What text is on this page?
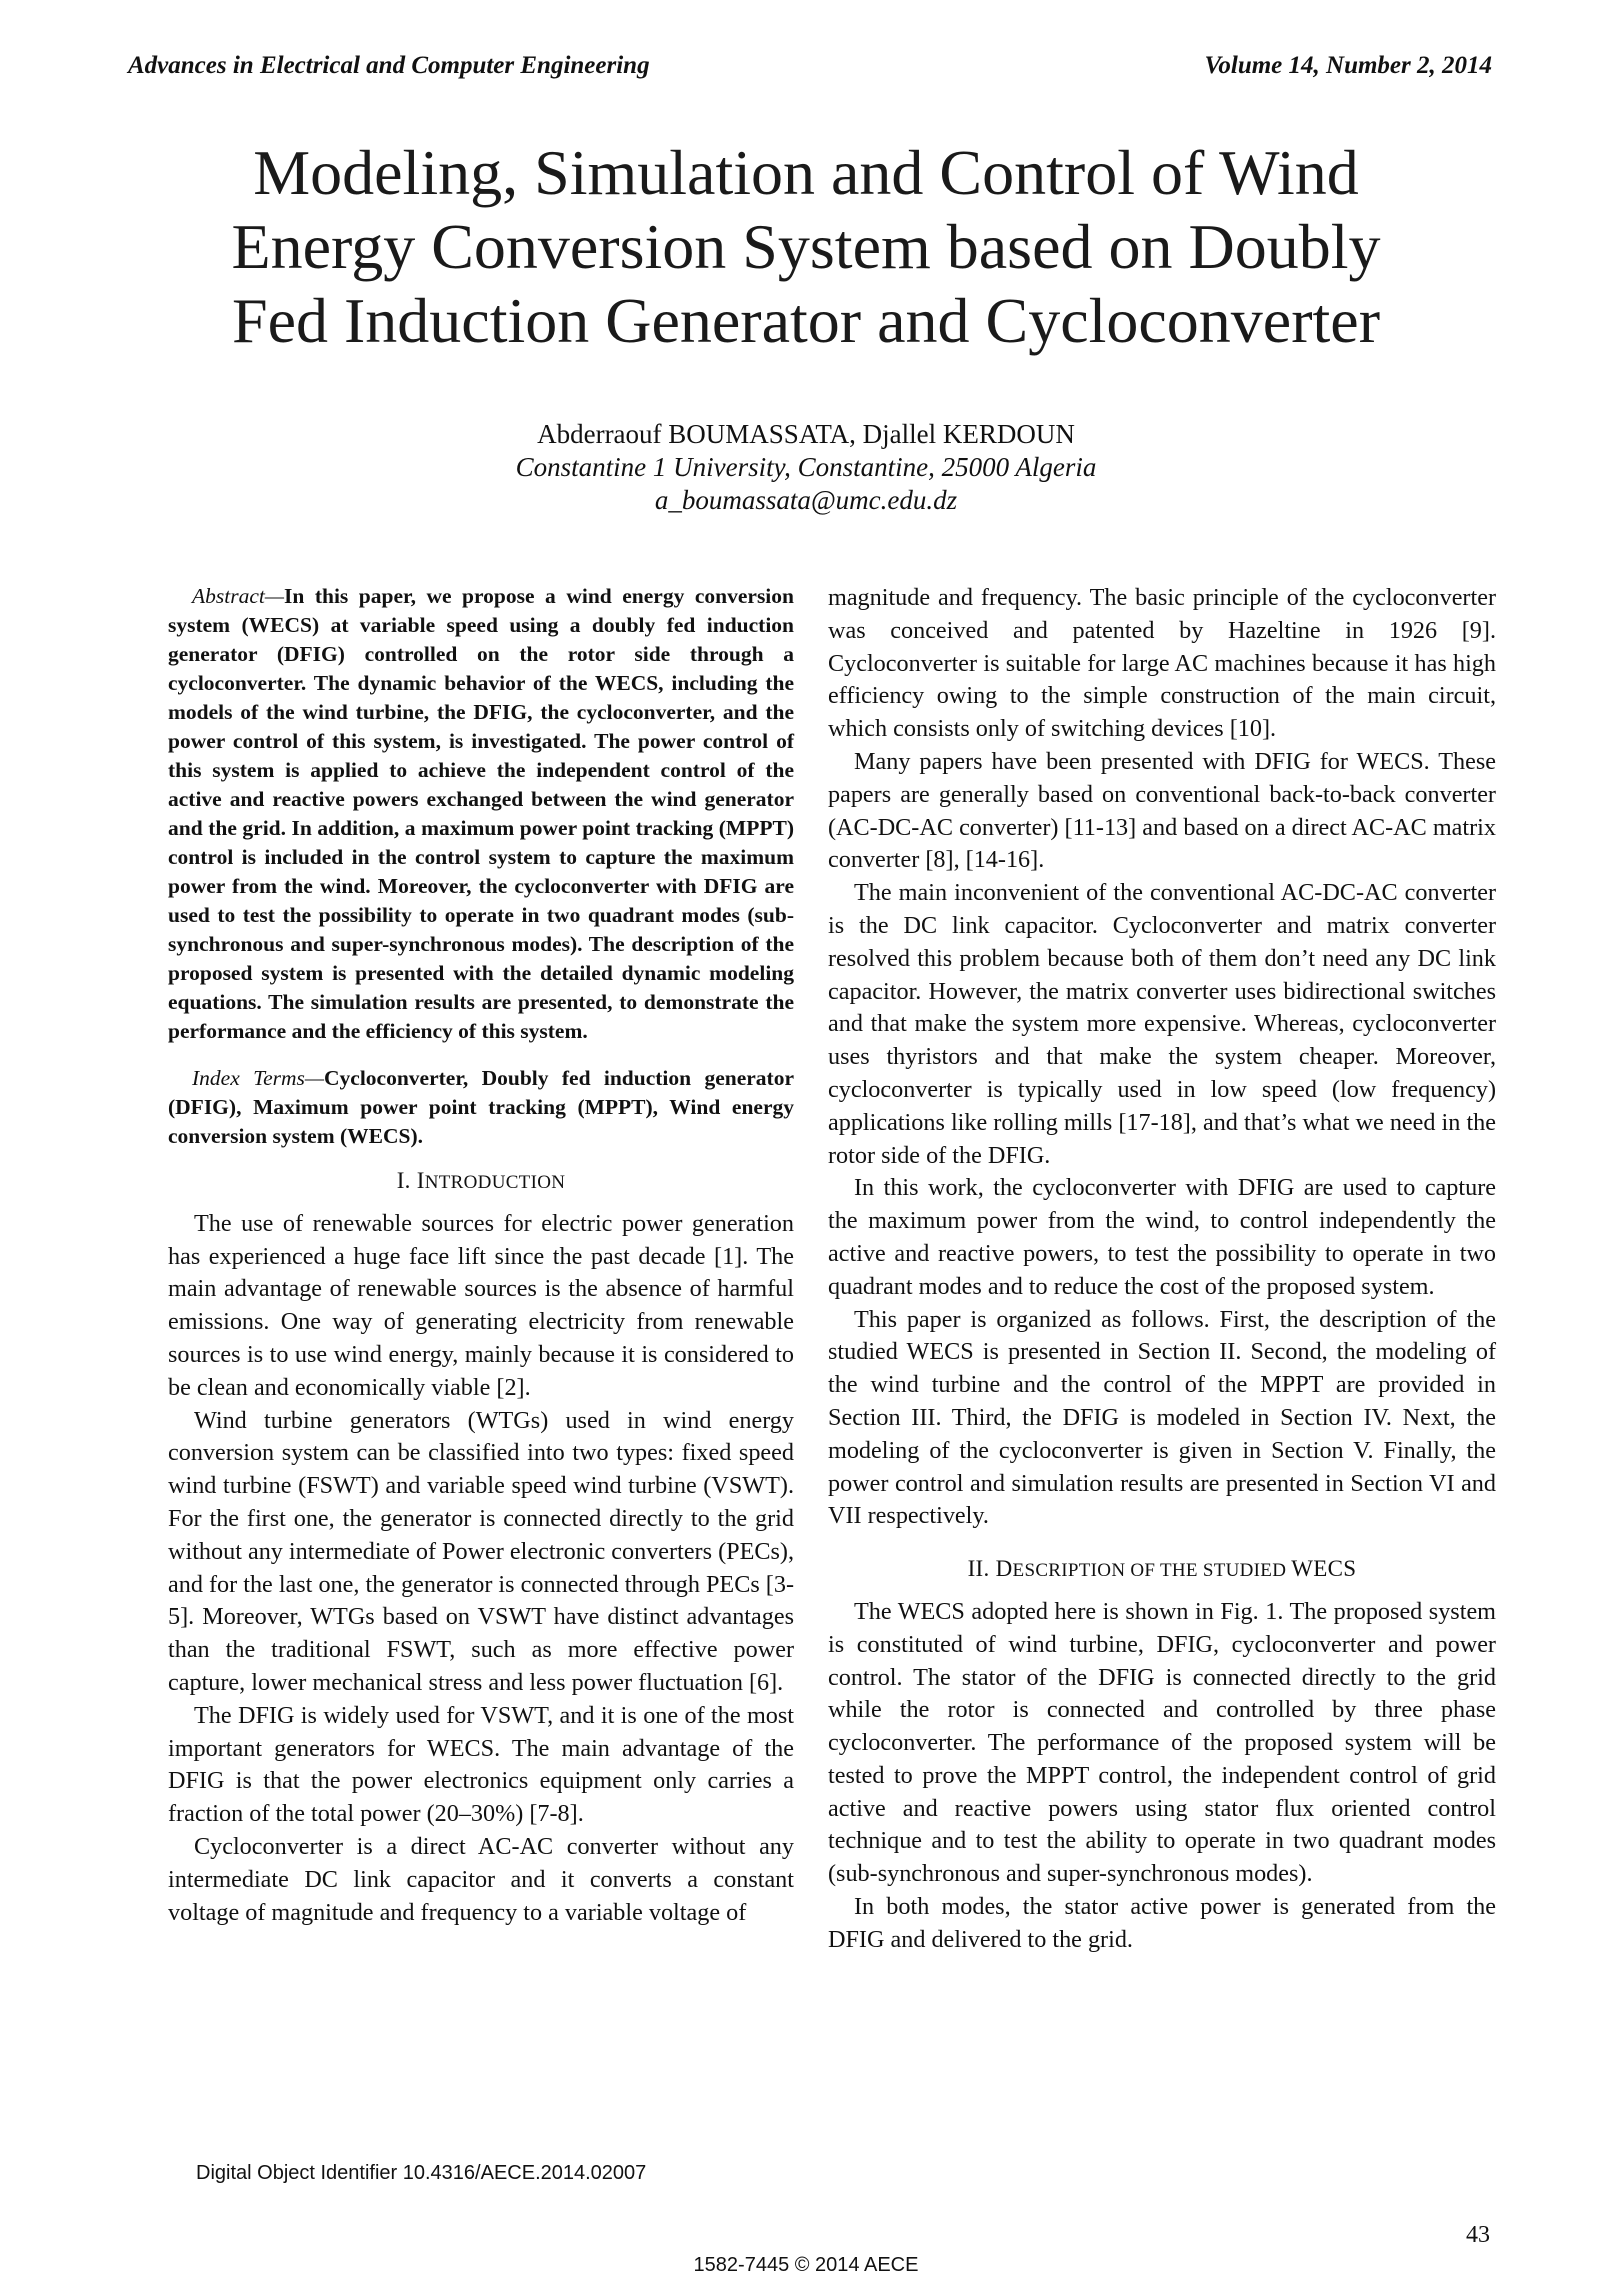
Advances in Electrical and Computer Engineering	Volume 14, Number 2, 2014
Modeling, Simulation and Control of Wind
Energy Conversion System based on Doubly
Fed Induction Generator and Cycloconverter
Abderraouf BOUMASSATA, Djallel KERDOUN
Constantine 1 University, Constantine, 25000 Algeria
a_boumassata@umc.edu.dz

Abstract—In this paper, we propose a wind energy conversion system (WECS) at variable speed using a doubly fed induction generator (DFIG) controlled on the rotor side through a cycloconverter. The dynamic behavior of the WECS, including the models of the wind turbine, the DFIG, the cycloconverter, and the power control of this system, is investigated. The power control of this system is applied to achieve the independent control of the active and reactive powers exchanged between the wind generator and the grid. In addition, a maximum power point tracking (MPPT) control is included in the control system to capture the maximum power from the wind. Moreover, the cycloconverter with DFIG are used to test the possibility to operate in two quadrant modes (sub-synchronous and super-synchronous modes). The description of the proposed system is presented with the detailed dynamic modeling equations. The simulation results are presented, to demonstrate the performance and the efficiency of this system.

Index Terms—Cycloconverter, Doubly fed induction generator (DFIG), Maximum power point tracking (MPPT), Wind energy conversion system (WECS).

I. INTRODUCTION

The use of renewable sources for electric power generation has experienced a huge face lift since the past decade [1]. The main advantage of renewable sources is the absence of harmful emissions. One way of generating electricity from renewable sources is to use wind energy, mainly because it is considered to be clean and economically viable [2].

Wind turbine generators (WTGs) used in wind energy conversion system can be classified into two types: fixed speed wind turbine (FSWT) and variable speed wind turbine (VSWT). For the first one, the generator is connected directly to the grid without any intermediate of Power electronic converters (PECs), and for the last one, the generator is connected through PECs [3-5]. Moreover, WTGs based on VSWT have distinct advantages than the traditional FSWT, such as more effective power capture, lower mechanical stress and less power fluctuation [6].

The DFIG is widely used for VSWT, and it is one of the most important generators for WECS. The main advantage of the DFIG is that the power electronics equipment only carries a fraction of the total power (20–30%) [7-8].

Cycloconverter is a direct AC-AC converter without any intermediate DC link capacitor and it converts a constant voltage of magnitude and frequency to a variable voltage of

magnitude and frequency. The basic principle of the cycloconverter was conceived and patented by Hazeltine in 1926 [9]. Cycloconverter is suitable for large AC machines because it has high efficiency owing to the simple construction of the main circuit, which consists only of switching devices [10].

Many papers have been presented with DFIG for WECS. These papers are generally based on conventional back-to-back converter (AC-DC-AC converter) [11-13] and based on a direct AC-AC matrix converter [8], [14-16].

The main inconvenient of the conventional AC-DC-AC converter is the DC link capacitor. Cycloconverter and matrix converter resolved this problem because both of them don’t need any DC link capacitor. However, the matrix converter uses bidirectional switches and that make the system more expensive. Whereas, cycloconverter uses thyristors and that make the system cheaper. Moreover, cycloconverter is typically used in low speed (low frequency) applications like rolling mills [17-18], and that’s what we need in the rotor side of the DFIG.

In this work, the cycloconverter with DFIG are used to capture the maximum power from the wind, to control independently the active and reactive powers, to test the possibility to operate in two quadrant modes and to reduce the cost of the proposed system.

This paper is organized as follows. First, the description of the studied WECS is presented in Section II. Second, the modeling of the wind turbine and the control of the MPPT are provided in Section III. Third, the DFIG is modeled in Section IV. Next, the modeling of the cycloconverter is given in Section V. Finally, the power control and simulation results are presented in Section VI and VII respectively.

II. DESCRIPTION OF THE STUDIED WECS

The WECS adopted here is shown in Fig. 1. The proposed system is constituted of wind turbine, DFIG, cycloconverter and power control. The stator of the DFIG is connected directly to the grid while the rotor is connected and controlled by three phase cycloconverter. The performance of the proposed system will be tested to prove the MPPT control, the independent control of grid active and reactive powers using stator flux oriented control technique and to test the ability to operate in two quadrant modes (sub-synchronous and super-synchronous modes).

In both modes, the stator active power is generated from the DFIG and delivered to the grid.

Digital Object Identifier 10.4316/AECE.2014.02007
43
1582-7445 © 2014 AECE
